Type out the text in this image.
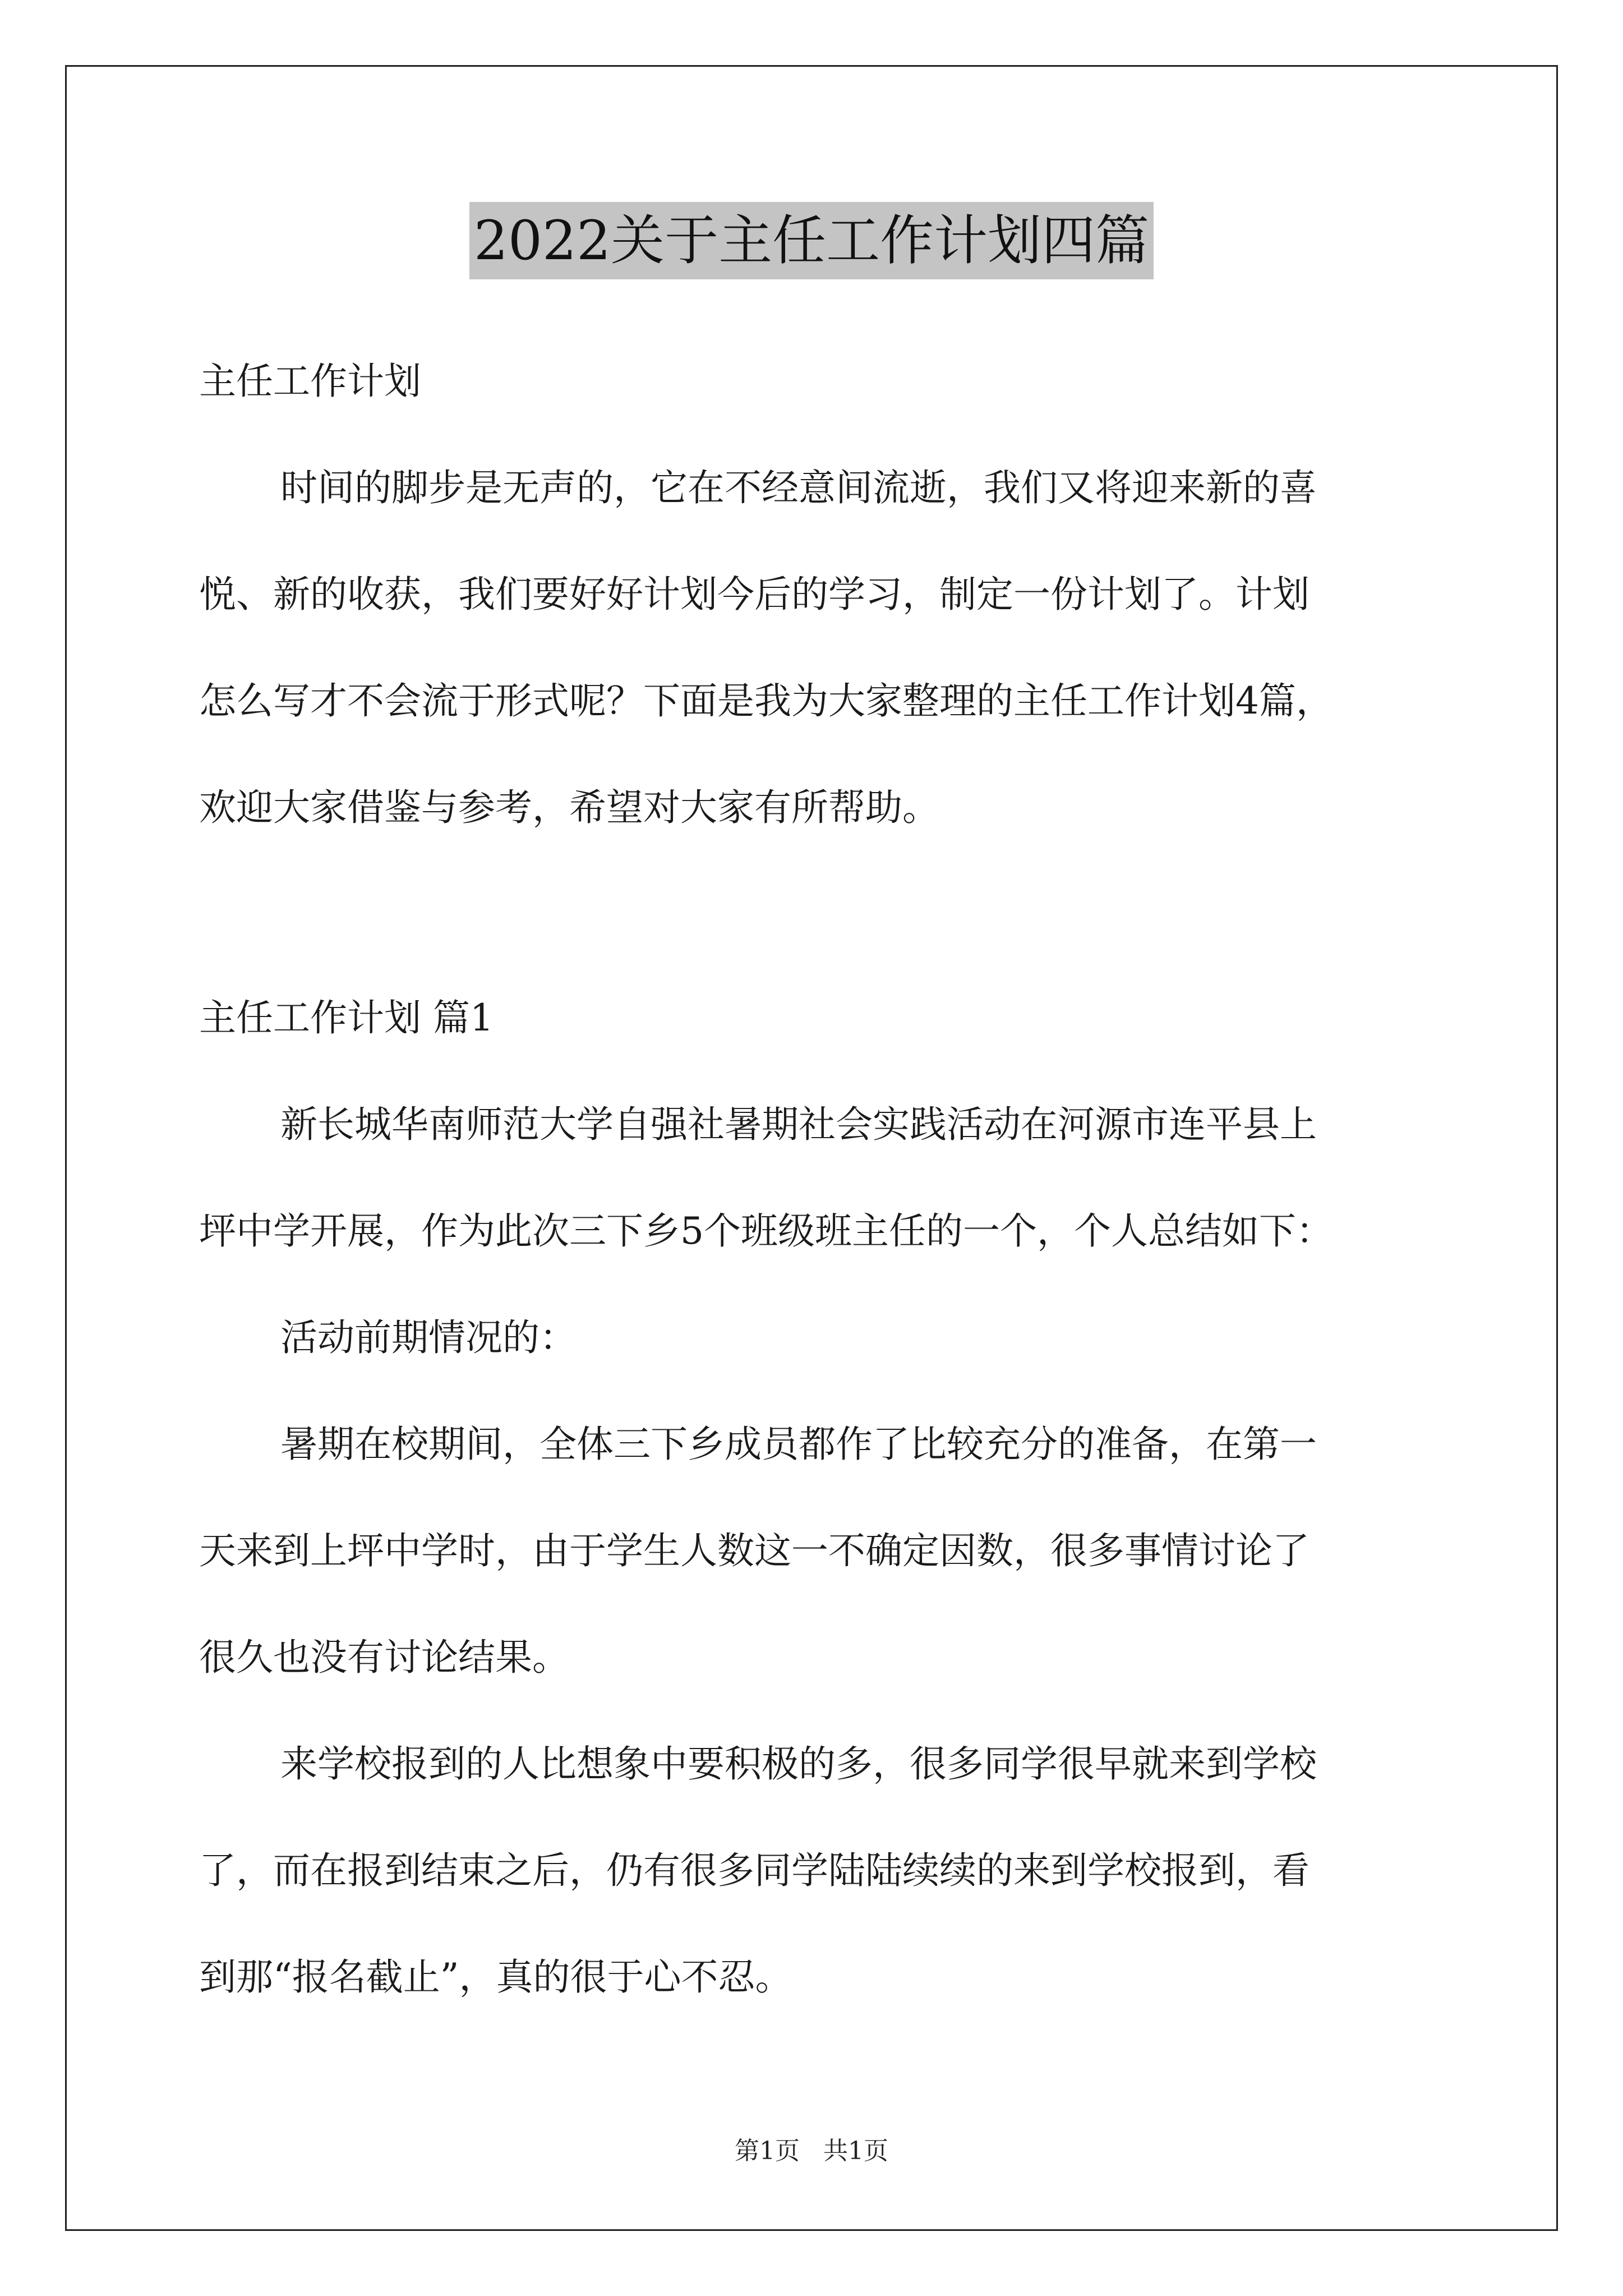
2022关于主任工作计划四篇
主任工作计划
时间的脚步是无声的，它在不经意间流逝，我们又将迎来新的喜
悦、新的收获，我们要好好计划今后的学习，制定一份计划了。计划
怎么写才不会流于形式呢？下面是我为大家整理的主任工作计划4篇，
欢迎大家借鉴与参考，希望对大家有所帮助。
主任工作计划 篇1
新长城华南师范大学自强社暑期社会实践活动在河源市连平县上
坪中学开展，作为此次三下乡5个班级班主任的一个，个人总结如下：
活动前期情况的：
暑期在校期间，全体三下乡成员都作了比较充分的准备，在第一
天来到上坪中学时，由于学生人数这一不确定因数，很多事情讨论了
很久也没有讨论结果。
来学校报到的人比想象中要积极的多，很多同学很早就来到学校
了，而在报到结束之后，仍有很多同学陆陆续续的来到学校报到，看
到那“报名截止”，真的很于心不忍。
第1页   共1页
